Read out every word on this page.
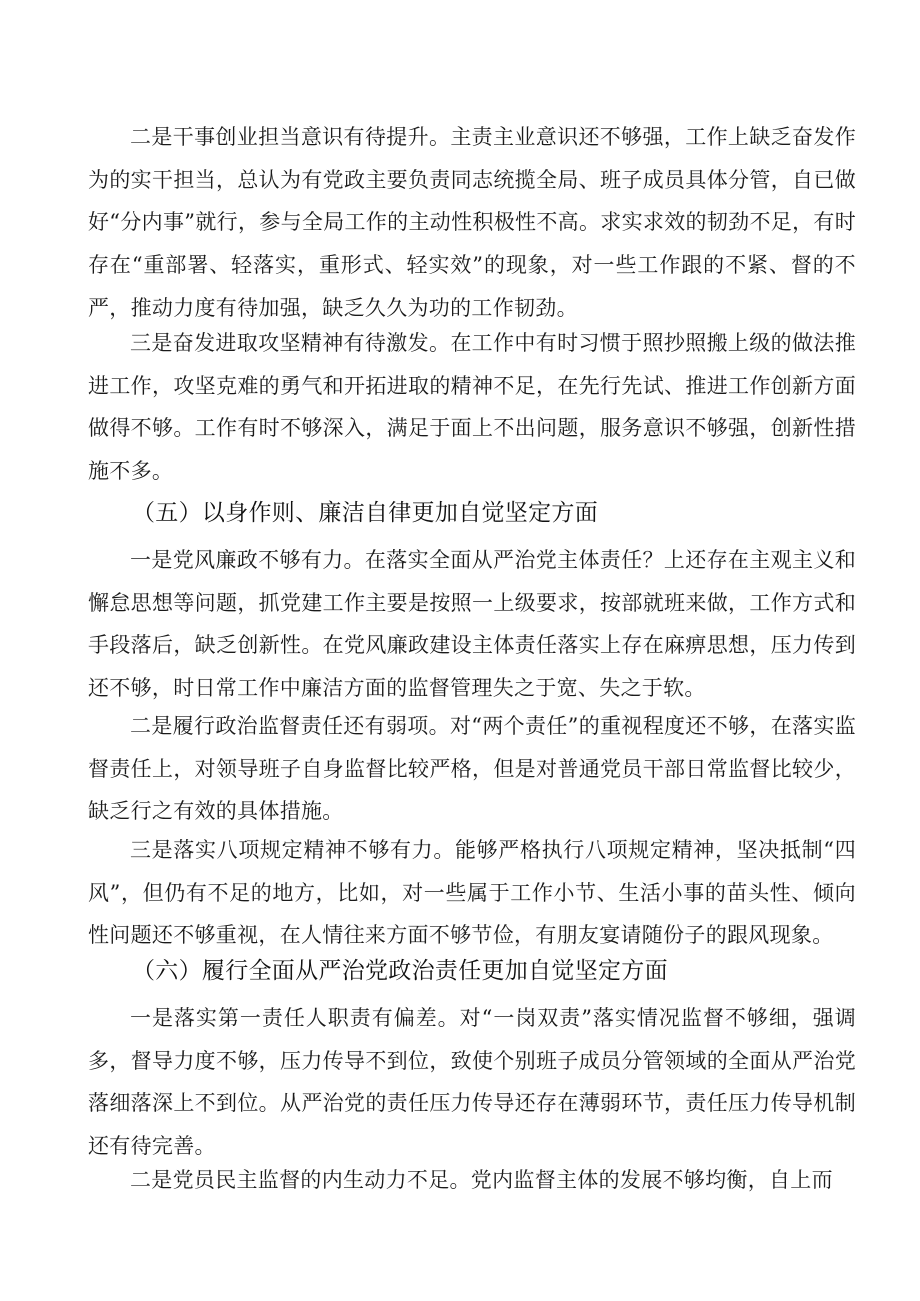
二是干事创业担当意识有待提升。主责主业意识还不够强，工作上缺乏奋发作为的实干担当，总认为有党政主要负责同志统揽全局、班子成员具体分管，自已做好“分内事”就行，参与全局工作的主动性积极性不高。求实求效的韧劲不足，有时存在“重部署、轻落实，重形式、轻实效”的现象，对一些工作跟的不紧、督的不严，推动力度有待加强，缺乏久久为功的工作韧劲。

三是奋发进取攻坚精神有待激发。在工作中有时习惯于照抄照搬上级的做法推进工作，攻坚克难的勇气和开拓进取的精神不足，在先行先试、推进工作创新方面做得不够。工作有时不够深入，满足于面上不出问题，服务意识不够强，创新性措施不多。

（五）以身作则、廉洁自律更加自觉坚定方面

一是党风廉政不够有力。在落实全面从严治党主体责任？上还存在主观主义和懈怠思想等问题，抓党建工作主要是按照一上级要求，按部就班来做，工作方式和手段落后，缺乏创新性。在党风廉政建设主体责任落实上存在麻痹思想，压力传到还不够，时日常工作中廉洁方面的监督管理失之于宽、失之于软。

二是履行政治监督责任还有弱项。对“两个责任”的重视程度还不够，在落实监督责任上，对领导班子自身监督比较严格，但是对普通党员干部日常监督比较少，缺乏行之有效的具体措施。

三是落实八项规定精神不够有力。能够严格执行八项规定精神，坚决抵制“四风”，但仍有不足的地方，比如，对一些属于工作小节、生活小事的苗头性、倾向性问题还不够重视，在人情往来方面不够节俭，有朋友宴请随份子的跟风现象。

（六）履行全面从严治党政治责任更加自觉坚定方面

一是落实第一责任人职责有偏差。对“一岗双责”落实情况监督不够细，强调多，督导力度不够，压力传导不到位，致使个别班子成员分管领域的全面从严治党落细落深上不到位。从严治党的责任压力传导还存在薄弱环节，责任压力传导机制还有待完善。

二是党员民主监督的内生动力不足。党内监督主体的发展不够均衡，自上而
